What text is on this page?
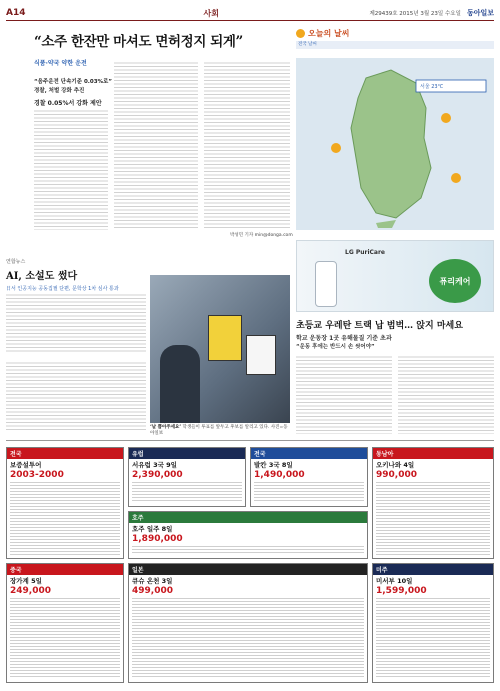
A14	사회	제29439호 2015년 3월 23일 수요일 동아일보
“소주 한잔만 마셔도 면허정지 되게”
식품·약국 약한 운전
“음주운전 단속기준 0.03%로”
경찰, 처벌 강화 추진
경찰 0.05%서 강화 제안
박성민 기자 min@donga.com
오늘의 날씨
전국 날씨
서울 23℃
연합뉴스
AI, 소설도 썼다
日서 인공지능 공동집필 단편, 문학상 1차 심사 통과
‘날 뽑아주세요’ 학생들이 투표를 앞두고 후보를 알리고 있다. 사진=동아일보
LG PuriCare
퓨리케어
초등교 우레탄 트랙 납 범벅… 앉지 마세요
학교 운동장 1곳 유해물질 기준 초과
“운동 후에는 반드시 손 씻어야”
전국
보증설투어
2003-2000
유럽
서유럽 3국 9일
2,390,000
전국
발칸 3국 8일
1,490,000
동남아
오키나와 4일
990,000
호주
호주 일주 8일
1,890,000
중국
장가계 5일
249,000
일본
큐슈 온천 3일
499,000
미주
미서부 10일
1,599,000
